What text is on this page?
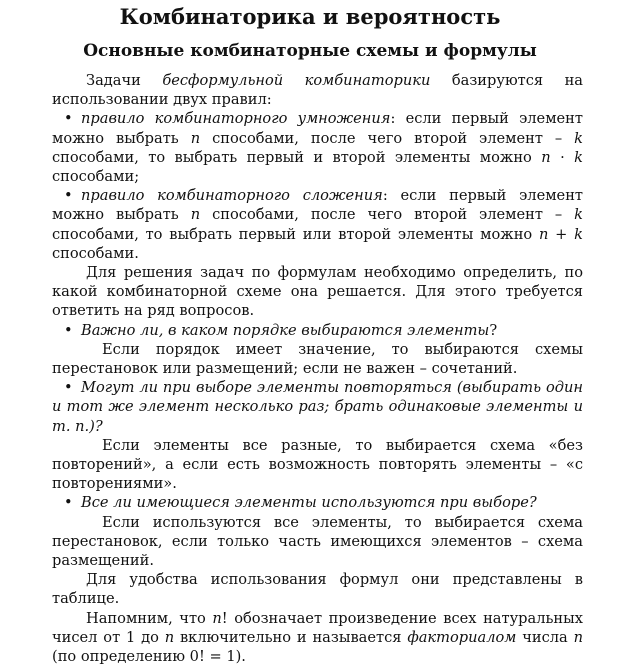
Комбинаторика и вероятность
Основные комбинаторные схемы и формулы

Задачи бесформульной комбинаторики базируются на использовании двух правил:

• правило комбинаторного умножения: если первый элемент можно выбрать n способами, после чего второй элемент – k способами, то выбрать первый и второй элементы можно n · k способами;

• правило комбинаторного сложения: если первый элемент можно выбрать n способами, после чего второй элемент – k способами, то выбрать первый или второй элементы можно n + k способами.

Для решения задач по формулам необходимо определить, по какой комбинаторной схеме она решается. Для этого требуется ответить на ряд вопросов.

• Важно ли, в каком порядке выбираются элементы?

Если порядок имеет значение, то выбираются схемы перестановок или размещений; если не важен – сочетаний.

• Могут ли при выборе элементы повторяться (выбирать один и тот же элемент несколько раз; брать одинаковые элементы и т. п.)?

Если элементы все разные, то выбирается схема «без повторений», а если есть возможность повторять элементы – «с повторениями».

• Все ли имеющиеся элементы используются при выборе?

Если используются все элементы, то выбирается схема перестановок, если только часть имеющихся элементов – схема размещений.

Для удобства использования формул они представлены в таблице.

Напомним, что n! обозначает произведение всех натуральных чисел от 1 до n включительно и называется факториалом числа n (по определению 0! = 1).
